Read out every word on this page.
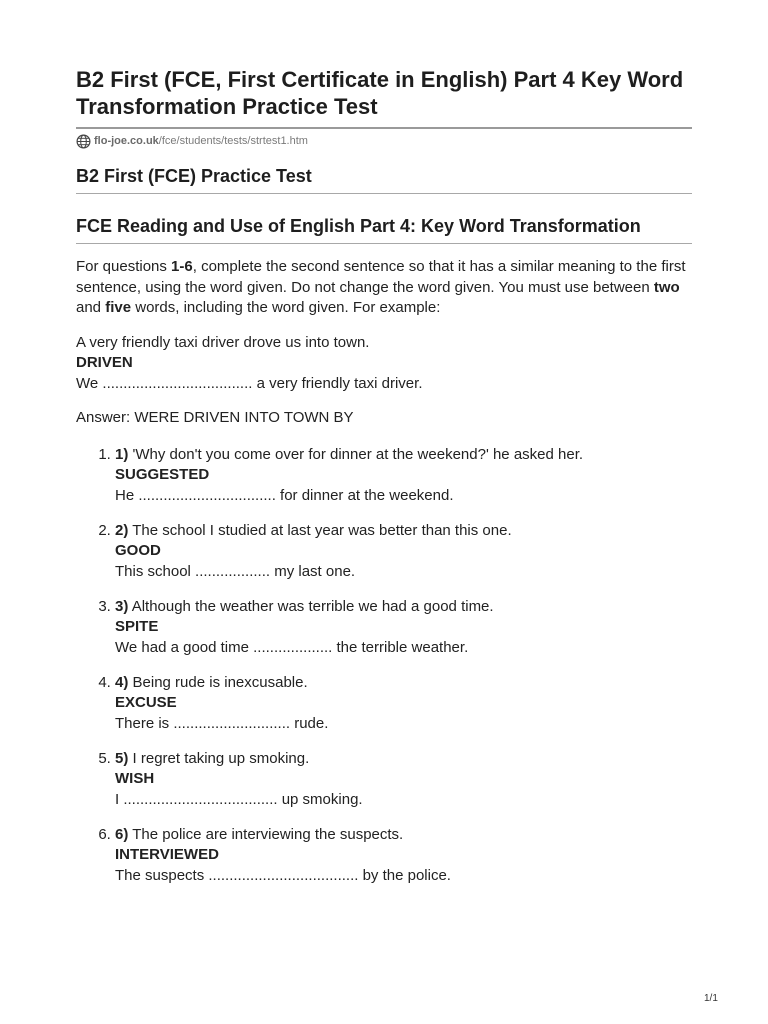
B2 First (FCE, First Certificate in English) Part 4 Key Word Transformation Practice Test
flo-joe.co.uk /fce/students/tests/strtest1.htm
B2 First (FCE) Practice Test
FCE Reading and Use of English Part 4: Key Word Transformation

For questions 1-6, complete the second sentence so that it has a similar meaning to the first sentence, using the word given. Do not change the word given. You must use between two and five words, including the word given. For example:

A very friendly taxi driver drove us into town.

DRIVEN

We .................................... a very friendly taxi driver.

Answer: WERE DRIVEN INTO TOWN BY

1. 1) 'Why don't you come over for dinner at the weekend?' he asked her.
SUGGESTED
He ................................. for dinner at the weekend.
2. 2) The school I studied at last year was better than this one.
GOOD
This school .................. my last one.
3. 3) Although the weather was terrible we had a good time.
SPITE
We had a good time ................... the terrible weather.
4. 4) Being rude is inexcusable.
EXCUSE
There is ............................ rude.
5. 5) I regret taking up smoking.
WISH
I ..................................... up smoking.
6. 6) The police are interviewing the suspects.
INTERVIEWED
The suspects .................................... by the police.
1/1
